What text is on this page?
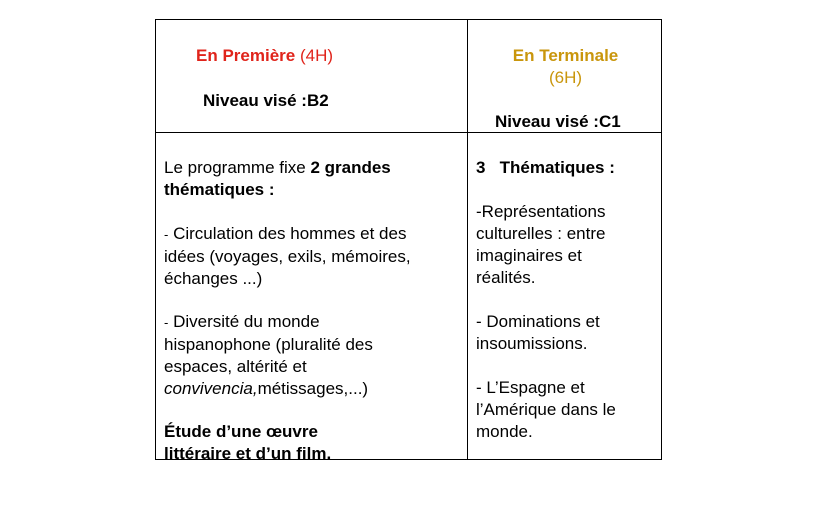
En Première (4H)
Niveau visé :B2
En Terminale
(6H)
Niveau visé :C1
Le programme fixe 2 grandes
thématiques :
- Circulation des hommes et des
idées (voyages, exils, mémoires,
échanges ...)
- Diversité du monde
hispanophone (pluralité des
espaces, altérité et
convivencia,métissages,...)
Étude d’une œuvre
littéraire et d’un film.
3 Thématiques :
-Représentations
culturelles : entre
imaginaires et
réalités.
- Dominations et
insoumissions.
- L’Espagne et
l’Amérique dans le
monde.
